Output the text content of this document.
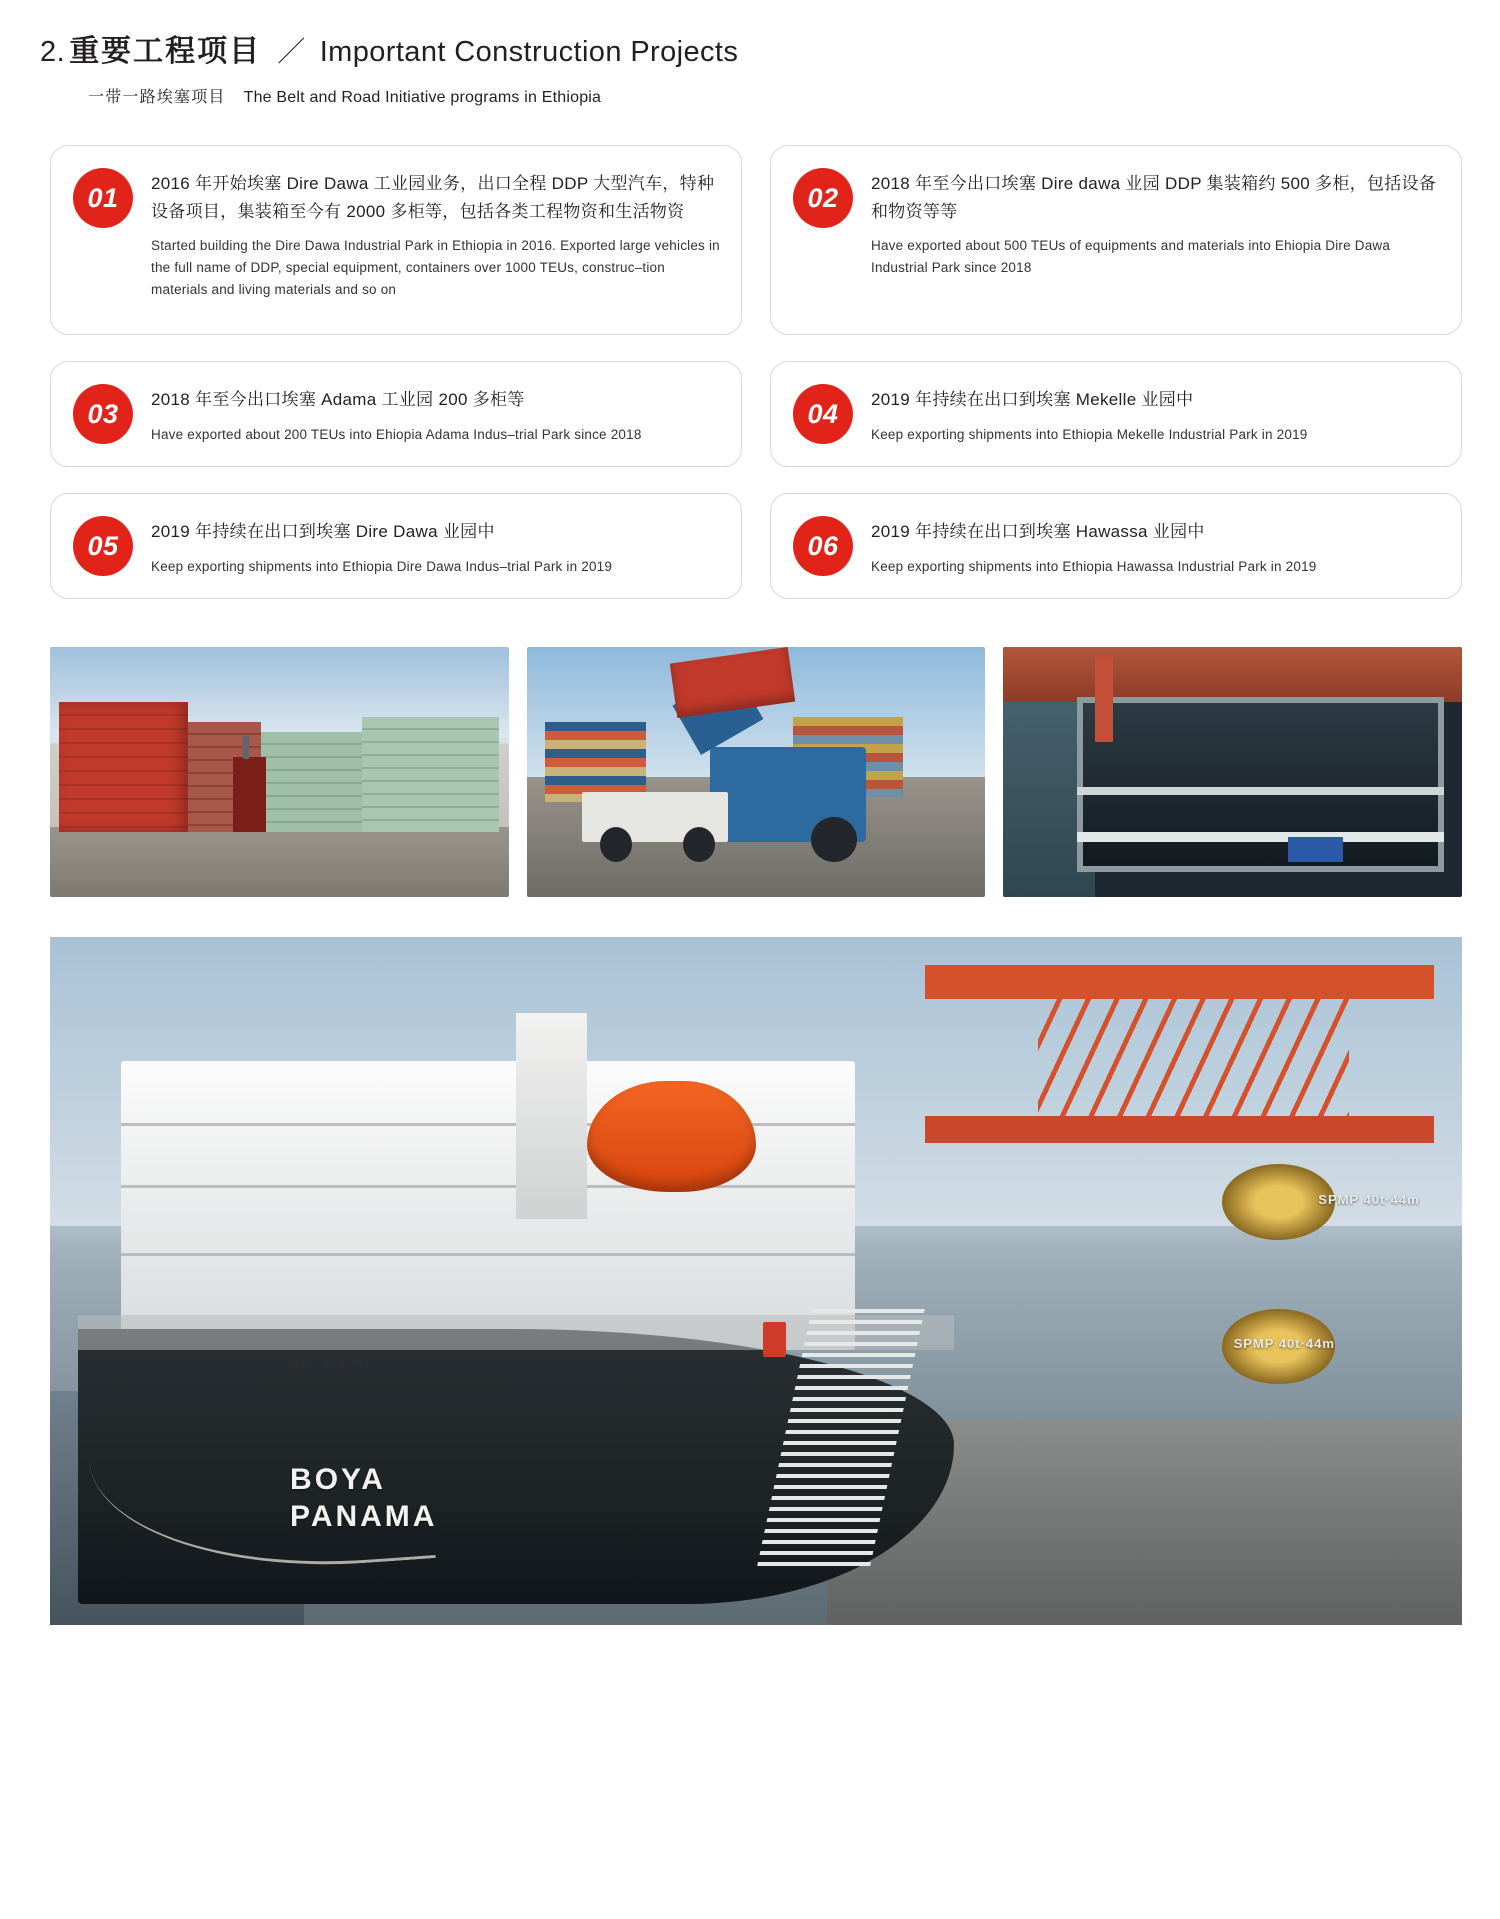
2. 重要工程项目 ／ Important Construction Projects
一带一路埃塞项目 The Belt and Road Initiative programs in Ethiopia
01	2016 年开始埃塞 Dire Dawa 工业园业务，出口全程 DDP 大型汽车，特种设备项目，集装箱至今有 2000 多柜等，包括各类工程物资和生活物资
Started building the Dire Dawa Industrial Park in Ethiopia in 2016. Exported large vehicles in the full name of DDP, special equipment, containers over 1000 TEUs, construc–tion materials and living materials and so on
02	2018 年至今出口埃塞 Dire dawa 业园 DDP 集装箱约 500 多柜，包括设备和物资等等
Have exported about 500 TEUs of equipments and materials into Ehiopia Dire Dawa Industrial Park since 2018
03	2018 年至今出口埃塞 Adama 工业园 200 多柜等
Have exported about 200 TEUs into Ehiopia Adama Indus–trial Park since 2018
04	2019 年持续在出口到埃塞 Mekelle 业园中
Keep exporting shipments into Ethiopia Mekelle Industrial Park in 2019
05	2019 年持续在出口到埃塞 Dire Dawa 业园中
Keep exporting shipments into Ethiopia Dire Dawa Indus–trial Park in 2019
06	2019 年持续在出口到埃塞 Hawassa 业园中
Keep exporting shipments into Ethiopia Hawassa Industrial Park in 2019
IMO 9242572
BOYA
PANAMA
SPMP 40t·44m
SPMP 40t·44m
